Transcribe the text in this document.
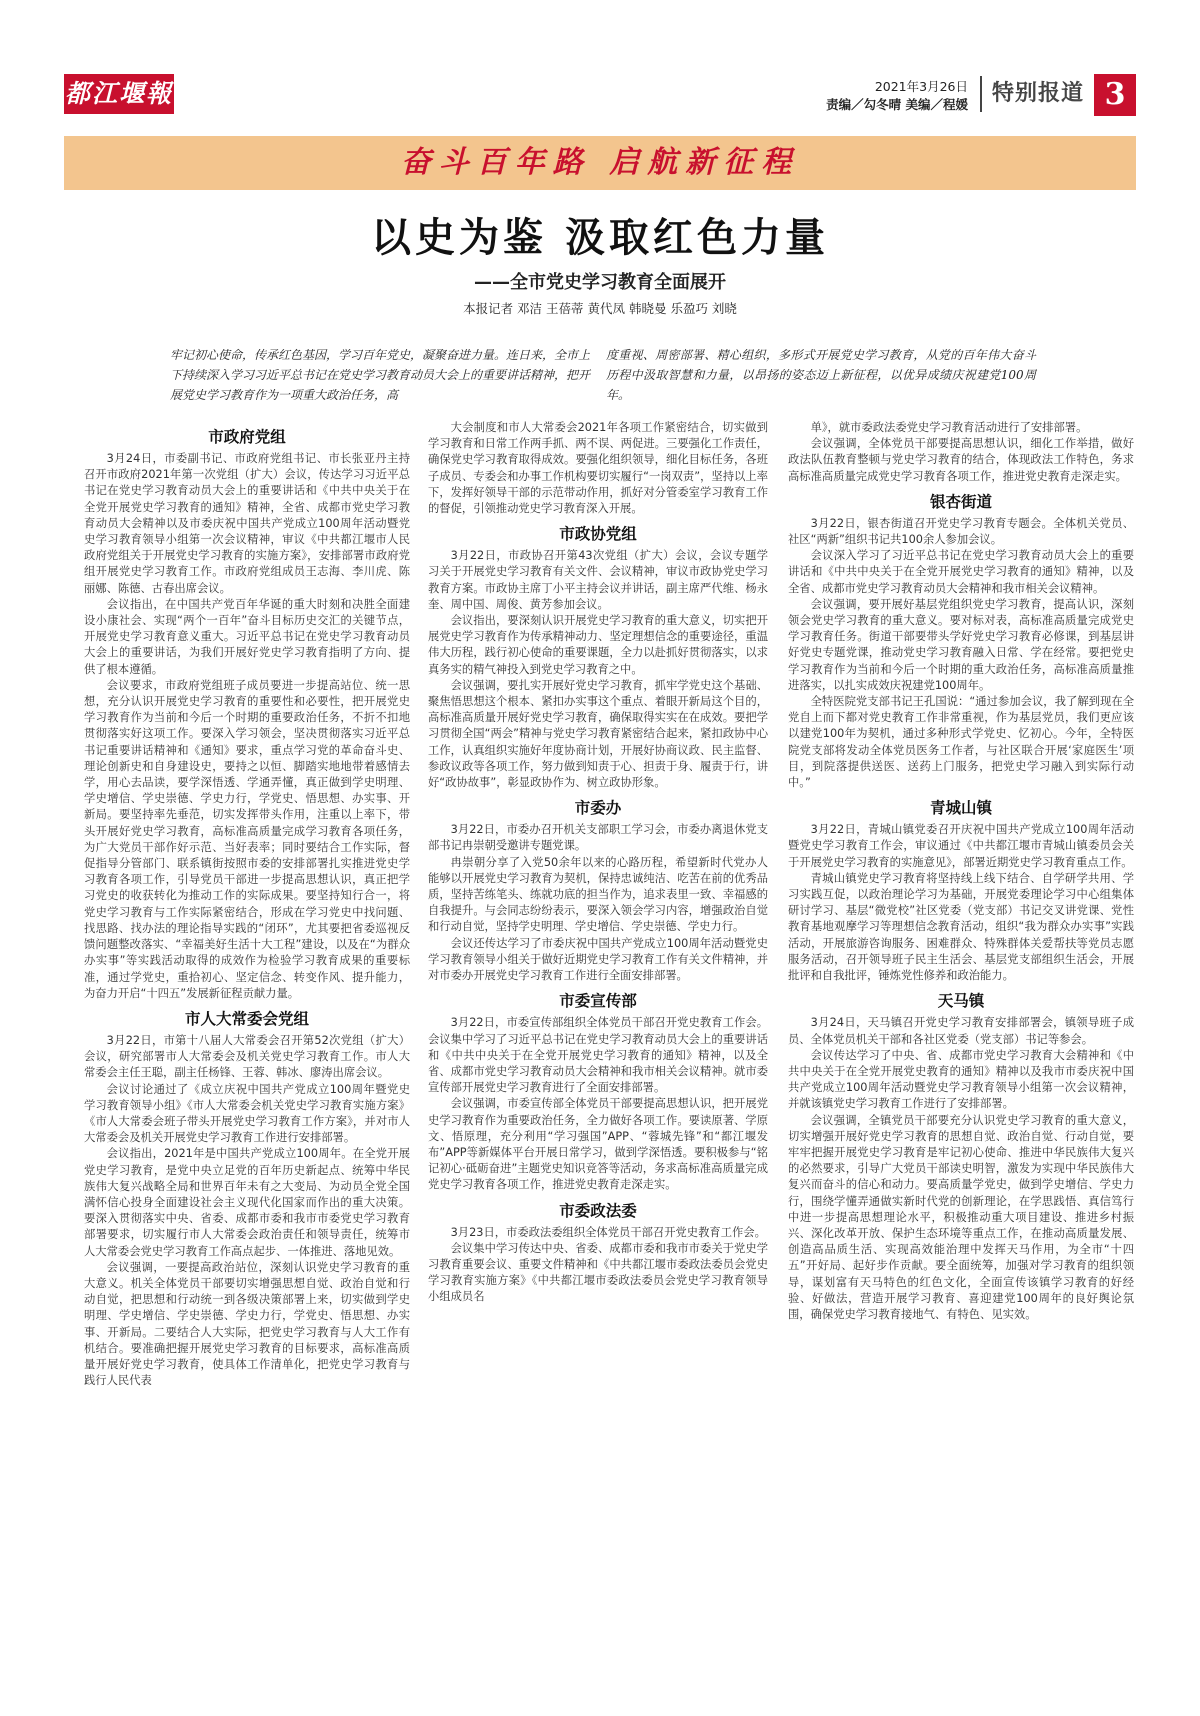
都江堰報	2021年3月26日
责编／勾冬晴 美编／程媛	特别报道 3
奋斗百年路 启航新征程
以史为鉴 汲取红色力量
——全市党史学习教育全面展开
本报记者 邓洁 王蓓蒂 黄代凤 韩晓曼 乐盈巧 刘晓
牢记初心使命，传承红色基因，学习百年党史，凝聚奋进力量。连日来，全市上下持续深入学习习近平总书记在党史学习教育动员大会上的重要讲话精神，把开展党史学习教育作为一项重大政治任务，高
度重视、周密部署、精心组织，多形式开展党史学习教育，从党的百年伟大奋斗历程中汲取智慧和力量，以昂扬的姿态迈上新征程，以优异成绩庆祝建党100周年。
市政府党组

3月24日，市委副书记、市政府党组书记、市长张亚丹主持召开市政府2021年第一次党组（扩大）会议，传达学习习近平总书记在党史学习教育动员大会上的重要讲话和《中共中央关于在全党开展党史学习教育的通知》精神，全省、成都市党史学习教育动员大会精神以及市委庆祝中国共产党成立100周年活动暨党史学习教育领导小组第一次会议精神，审议《中共都江堰市人民政府党组关于开展党史学习教育的实施方案》，安排部署市政府党组开展党史学习教育工作。市政府党组成员王志海、李川虎、陈丽娜、陈德、古春出席会议。

会议指出，在中国共产党百年华诞的重大时刻和决胜全面建设小康社会、实现“两个一百年”奋斗目标历史交汇的关键节点，开展党史学习教育意义重大。习近平总书记在党史学习教育动员大会上的重要讲话，为我们开展好党史学习教育指明了方向、提供了根本遵循。

会议要求，市政府党组班子成员要进一步提高站位、统一思想，充分认识开展党史学习教育的重要性和必要性，把开展党史学习教育作为当前和今后一个时期的重要政治任务，不折不扣地贯彻落实好这项工作。要深入学习领会，坚决贯彻落实习近平总书记重要讲话精神和《通知》要求，重点学习党的革命奋斗史、理论创新史和自身建设史，要持之以恒、脚踏实地地带着感情去学，用心去品读，要学深悟透、学通弄懂，真正做到学史明理、学史增信、学史崇德、学史力行，学党史、悟思想、办实事、开新局。要坚持率先垂范，切实发挥带头作用，注重以上率下，带头开展好党史学习教育，高标准高质量完成学习教育各项任务，为广大党员干部作好示范、当好表率；同时要结合工作实际，督促指导分管部门、联系镇街按照市委的安排部署扎实推进党史学习教育各项工作，引导党员干部进一步提高思想认识，真正把学习党史的收获转化为推动工作的实际成果。要坚持知行合一，将党史学习教育与工作实际紧密结合，形成在学习党史中找问题、找思路、找办法的理论指导实践的“闭环”，尤其要把省委巡视反馈问题整改落实、“幸福美好生活十大工程”建设，以及在“为群众办实事”等实践活动取得的成效作为检验学习教育成果的重要标准，通过学党史，重拾初心、坚定信念、转变作风、提升能力，为奋力开启“十四五”发展新征程贡献力量。

市人大常委会党组

3月22日，市第十八届人大常委会召开第52次党组（扩大）会议，研究部署市人大常委会及机关党史学习教育工作。市人大常委会主任王聪，副主任杨锋、王蓉、韩冰、廖涛出席会议。

会议讨论通过了《成立庆祝中国共产党成立100周年暨党史学习教育领导小组》《市人大常委会机关党史学习教育实施方案》《市人大常委会班子带头开展党史学习教育工作方案》，并对市人大常委会及机关开展党史学习教育工作进行安排部署。

会议指出，2021年是中国共产党成立100周年。在全党开展党史学习教育，是党中央立足党的百年历史新起点、统筹中华民族伟大复兴战略全局和世界百年未有之大变局、为动员全党全国满怀信心投身全面建设社会主义现代化国家而作出的重大决策。要深入贯彻落实中央、省委、成都市委和我市市委党史学习教育部署要求，切实履行市人大常委会政治责任和领导责任，统筹市人大常委会党史学习教育工作高点起步、一体推进、落地见效。

会议强调，一要提高政治站位，深刻认识党史学习教育的重大意义。机关全体党员干部要切实增强思想自觉、政治自觉和行动自觉，把思想和行动统一到各级决策部署上来，切实做到学史明理、学史增信、学史崇德、学史力行，学党史、悟思想、办实事、开新局。二要结合人大实际，把党史学习教育与人大工作有机结合。要准确把握开展党史学习教育的目标要求，高标准高质量开展好党史学习教育，使具体工作清单化，把党史学习教育与践行人民代表

大会制度和市人大常委会2021年各项工作紧密结合，切实做到学习教育和日常工作两手抓、两不误、两促进。三要强化工作责任，确保党史学习教育取得成效。要强化组织领导，细化目标任务，各班子成员、专委会和办事工作机构要切实履行“一岗双责”，坚持以上率下，发挥好领导干部的示范带动作用，抓好对分管委室学习教育工作的督促，引领推动党史学习教育深入开展。

市政协党组

3月22日，市政协召开第43次党组（扩大）会议，会议专题学习关于开展党史学习教育有关文件、会议精神，审议市政协党史学习教育方案。市政协主席丁小平主持会议并讲话，副主席严代维、杨永奎、周中国、周俊、黄芳参加会议。

会议指出，要深刻认识开展党史学习教育的重大意义，切实把开展党史学习教育作为传承精神动力、坚定理想信念的重要途径，重温伟大历程，践行初心使命的重要课题，全力以赴抓好贯彻落实，以求真务实的精气神投入到党史学习教育之中。

会议强调，要扎实开展好党史学习教育，抓牢学党史这个基础、聚焦悟思想这个根本、紧扣办实事这个重点、着眼开新局这个目的，高标准高质量开展好党史学习教育，确保取得实实在在成效。要把学习贯彻全国“两会”精神与党史学习教育紧密结合起来，紧扣政协中心工作，认真组织实施好年度协商计划，开展好协商议政、民主监督、参政议政等各项工作，努力做到知责于心、担责于身、履责于行，讲好“政协故事”，彰显政协作为、树立政协形象。

市委办

3月22日，市委办召开机关支部职工学习会，市委办离退休党支部书记冉崇朝受邀讲专题党课。

冉崇朝分享了入党50余年以来的心路历程，希望新时代党办人能够以开展党史学习教育为契机，保持忠诚纯洁、吃苦在前的优秀品质，坚持苦练笔头、练就功底的担当作为，追求表里一致、幸福感的自我提升。与会同志纷纷表示，要深入领会学习内容，增强政治自觉和行动自觉，坚持学史明理、学史增信、学史崇德、学史力行。

会议还传达学习了市委庆祝中国共产党成立100周年活动暨党史学习教育领导小组关于做好近期党史学习教育工作有关文件精神，并对市委办开展党史学习教育工作进行全面安排部署。

市委宣传部

3月22日，市委宣传部组织全体党员干部召开党史教育工作会。会议集中学习了习近平总书记在党史学习教育动员大会上的重要讲话和《中共中央关于在全党开展党史学习教育的通知》精神，以及全省、成都市党史学习教育动员大会精神和我市相关会议精神。就市委宣传部开展党史学习教育进行了全面安排部署。

会议强调，市委宣传部全体党员干部要提高思想认识，把开展党史学习教育作为重要政治任务，全力做好各项工作。要读原著、学原文、悟原理，充分利用“学习强国”APP、“蓉城先锋”和“都江堰发布”APP等新媒体平台开展日常学习，做到学深悟透。要积极参与“铭记初心·砥砺奋进”主题党史知识竞答等活动，务求高标准高质量完成党史学习教育各项工作，推进党史教育走深走实。

市委政法委

3月23日，市委政法委组织全体党员干部召开党史教育工作会。

会议集中学习传达中央、省委、成都市委和我市市委关于党史学习教育重要会议、重要文件精神和《中共都江堰市委政法委员会党史学习教育实施方案》《中共都江堰市委政法委员会党史学习教育领导小组成员名

单》，就市委政法委党史学习教育活动进行了安排部署。

会议强调，全体党员干部要提高思想认识，细化工作举措，做好政法队伍教育整顿与党史学习教育的结合，体现政法工作特色，务求高标准高质量完成党史学习教育各项工作，推进党史教育走深走实。

银杏街道

3月22日，银杏街道召开党史学习教育专题会。全体机关党员、社区“两新”组织书记共100余人参加会议。

会议深入学习了习近平总书记在党史学习教育动员大会上的重要讲话和《中共中央关于在全党开展党史学习教育的通知》精神，以及全省、成都市党史学习教育动员大会精神和我市相关会议精神。

会议强调，要开展好基层党组织党史学习教育，提高认识，深刻领会党史学习教育的重大意义。要对标对表，高标准高质量完成党史学习教育任务。街道干部要带头学好党史学习教育必修课，到基层讲好党史专题党课，推动党史学习教育融入日常、学在经常。要把党史学习教育作为当前和今后一个时期的重大政治任务，高标准高质量推进落实，以扎实成效庆祝建党100周年。

全特医院党支部书记王孔国说：“通过参加会议，我了解到现在全党自上而下都对党史教育工作非常重视，作为基层党员，我们更应该以建党100年为契机，通过多种形式学党史、忆初心。今年，全特医院党支部将发动全体党员医务工作者，与社区联合开展‘家庭医生’项目，到院落提供送医、送药上门服务，把党史学习融入到实际行动中。”

青城山镇

3月22日，青城山镇党委召开庆祝中国共产党成立100周年活动暨党史学习教育工作会，审议通过《中共都江堰市青城山镇委员会关于开展党史学习教育的实施意见》，部署近期党史学习教育重点工作。

青城山镇党史学习教育将坚持线上线下结合、自学研学共用、学习实践互促，以政治理论学习为基础，开展党委理论学习中心组集体研讨学习、基层“微党校”社区党委（党支部）书记交叉讲党课、党性教育基地观摩学习等理想信念教育活动，组织“我为群众办实事”实践活动，开展旅游咨询服务、困难群众、特殊群体关爱帮扶等党员志愿服务活动，召开领导班子民主生活会、基层党支部组织生活会，开展批评和自我批评，锤炼党性修养和政治能力。

天马镇

3月24日，天马镇召开党史学习教育安排部署会，镇领导班子成员、全体党员机关干部和各社区党委（党支部）书记等参会。

会议传达学习了中央、省、成都市党史学习教育大会精神和《中共中央关于在全党开展党史教育的通知》精神以及我市市委庆祝中国共产党成立100周年活动暨党史学习教育领导小组第一次会议精神，并就该镇党史学习教育工作进行了安排部署。

会议强调，全镇党员干部要充分认识党史学习教育的重大意义，切实增强开展好党史学习教育的思想自觉、政治自觉、行动自觉，要牢牢把握开展党史学习教育是牢记初心使命、推进中华民族伟大复兴的必然要求，引导广大党员干部读史明智，激发为实现中华民族伟大复兴而奋斗的信心和动力。要高质量学党史，做到学史增信、学史力行，围绕学懂弄通做实新时代党的创新理论，在学思践悟、真信笃行中进一步提高思想理论水平，积极推动重大项目建设、推进乡村振兴、深化改革开放、保护生态环境等重点工作，在推动高质量发展、创造高品质生活、实现高效能治理中发挥天马作用，为全市“十四五”开好局、起好步作贡献。要全面统筹，加强对学习教育的组织领导，谋划富有天马特色的红色文化，全面宣传该镇学习教育的好经验、好做法，营造开展学习教育、喜迎建党100周年的良好舆论氛围，确保党史学习教育接地气、有特色、见实效。
